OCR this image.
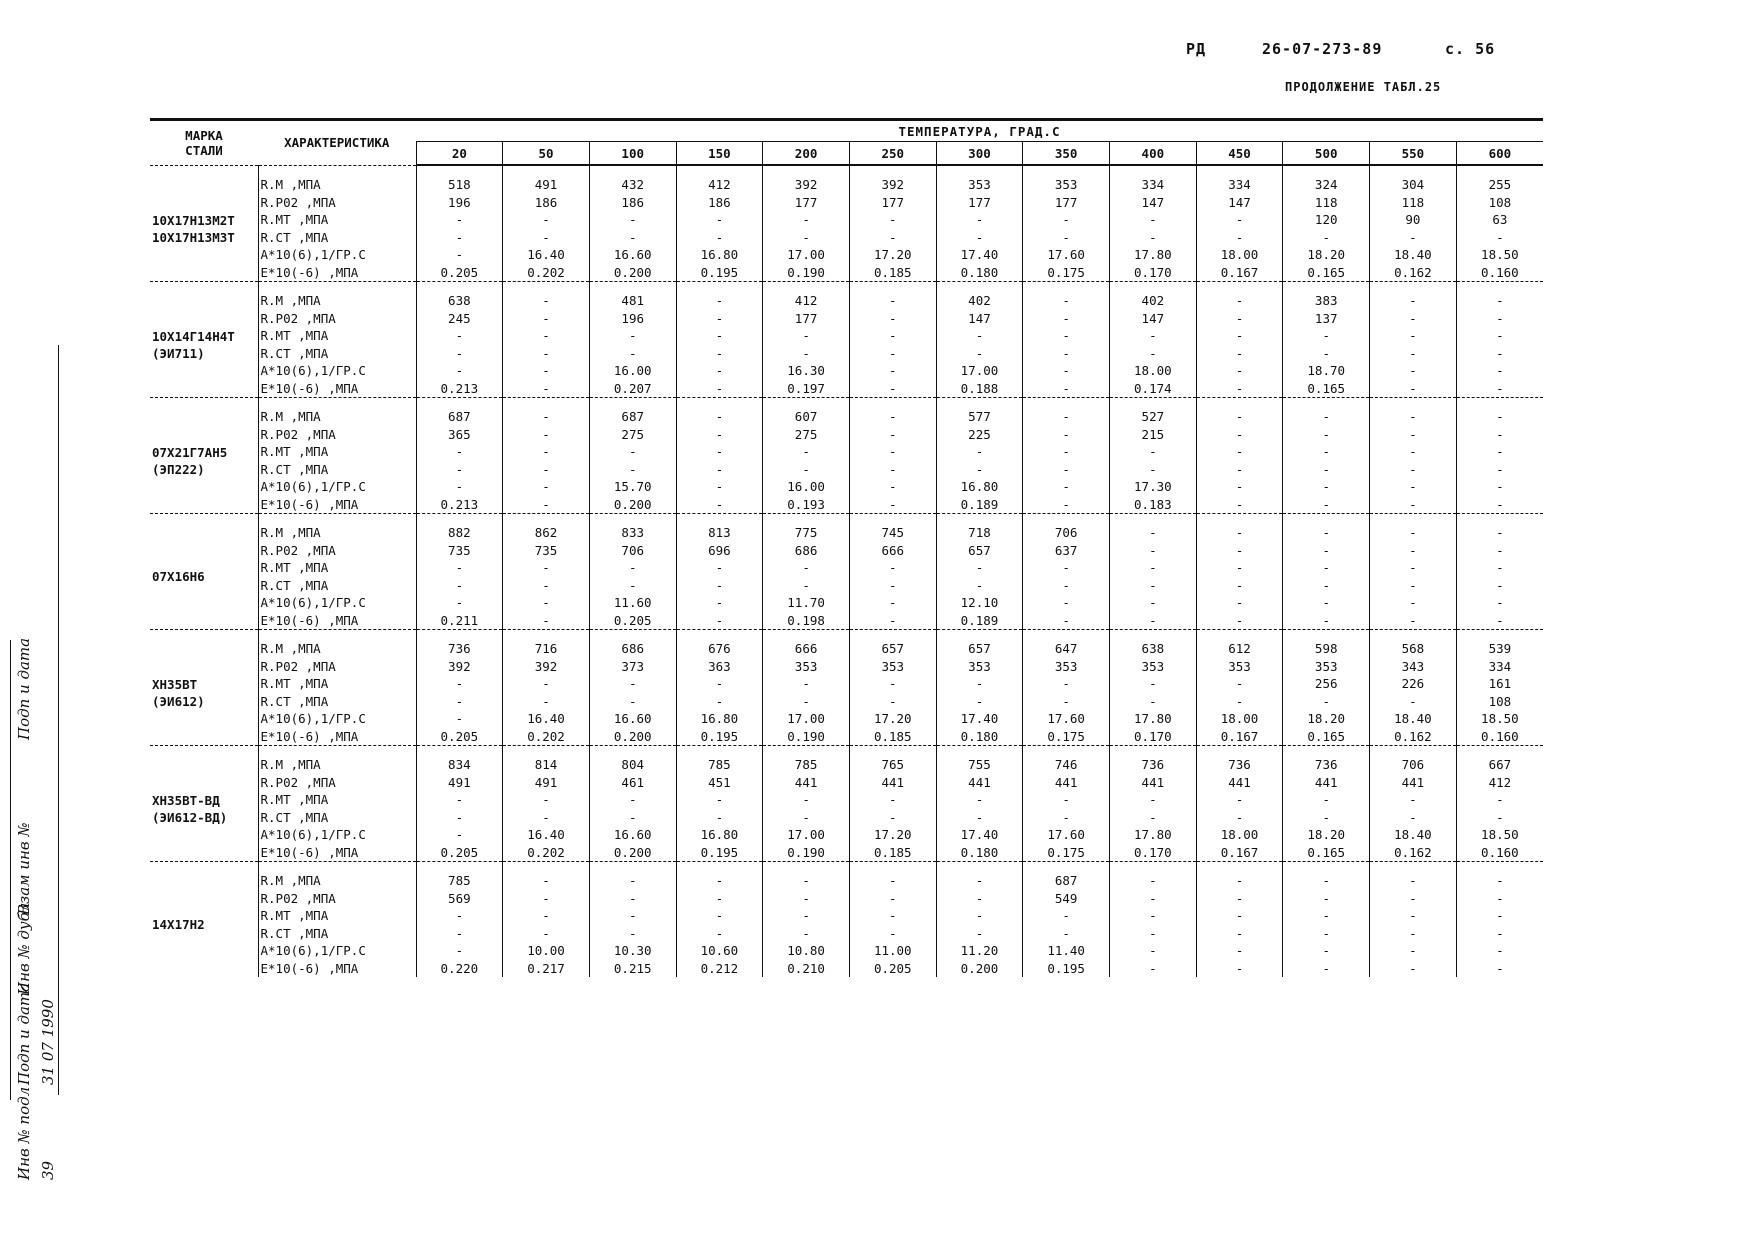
РД	26-07-273-89	с. 56
ПРОДОЛЖЕНИЕ ТАБЛ.25
МАРКА
СТАЛИ	ХАРАКТЕРИСТИКА	ТЕМПЕРАТУРА, ГРАД.С												
		20	50	100	150	200	250	300	350	400	450	500	550	600

10Х17Н13М2Т
10Х17Н13М3Т	R.М ,МПА	518	491	432	412	392	392	353	353	334	334	324	304	255
	R.Р02 ,МПА	196	186	186	186	177	177	177	177	147	147	118	118	108
	R.МТ ,МПА	-	-	-	-	-	-	-	-	-	-	120	90	63
	R.СТ ,МПА	-	-	-	-	-	-	-	-	-	-	-	-	-
	А*10(6),1/ГР.С	-	16.40	16.60	16.80	17.00	17.20	17.40	17.60	17.80	18.00	18.20	18.40	18.50
	Е*10(-6) ,МПА	0.205	0.202	0.200	0.195	0.190	0.185	0.180	0.175	0.170	0.167	0.165	0.162	0.160

10Х14Г14Н4Т
(ЭИ711)	R.М ,МПА	638	-	481	-	412	-	402	-	402	-	383	-	-
	R.Р02 ,МПА	245	-	196	-	177	-	147	-	147	-	137	-	-
	R.МТ ,МПА	-	-	-	-	-	-	-	-	-	-	-	-	-
	R.СТ ,МПА	-	-	-	-	-	-	-	-	-	-	-	-	-
	А*10(6),1/ГР.С	-	-	16.00	-	16.30	-	17.00	-	18.00	-	18.70	-	-
	Е*10(-6) ,МПА	0.213	-	0.207	-	0.197	-	0.188	-	0.174	-	0.165	-	-

07Х21Г7АН5
(ЭП222)	R.М ,МПА	687	-	687	-	607	-	577	-	527	-	-	-	-
	R.Р02 ,МПА	365	-	275	-	275	-	225	-	215	-	-	-	-
	R.МТ ,МПА	-	-	-	-	-	-	-	-	-	-	-	-	-
	R.СТ ,МПА	-	-	-	-	-	-	-	-	-	-	-	-	-
	А*10(6),1/ГР.С	-	-	15.70	-	16.00	-	16.80	-	17.30	-	-	-	-
	Е*10(-6) ,МПА	0.213	-	0.200	-	0.193	-	0.189	-	0.183	-	-	-	-

07Х16Н6	R.М ,МПА	882	862	833	813	775	745	718	706	-	-	-	-	-
	R.Р02 ,МПА	735	735	706	696	686	666	657	637	-	-	-	-	-
	R.МТ ,МПА	-	-	-	-	-	-	-	-	-	-	-	-	-
	R.СТ ,МПА	-	-	-	-	-	-	-	-	-	-	-	-	-
	А*10(6),1/ГР.С	-	-	11.60	-	11.70	-	12.10	-	-	-	-	-	-
	Е*10(-6) ,МПА	0.211	-	0.205	-	0.198	-	0.189	-	-	-	-	-	-

ХН35ВТ
(ЭИ612)	R.М ,МПА	736	716	686	676	666	657	657	647	638	612	598	568	539
	R.Р02 ,МПА	392	392	373	363	353	353	353	353	353	353	353	343	334
	R.МТ ,МПА	-	-	-	-	-	-	-	-	-	-	256	226	161
	R.СТ ,МПА	-	-	-	-	-	-	-	-	-	-	-	-	108
	А*10(6),1/ГР.С	-	16.40	16.60	16.80	17.00	17.20	17.40	17.60	17.80	18.00	18.20	18.40	18.50
	Е*10(-6) ,МПА	0.205	0.202	0.200	0.195	0.190	0.185	0.180	0.175	0.170	0.167	0.165	0.162	0.160

ХН35ВТ-ВД
(ЭИ612-ВД)	R.М ,МПА	834	814	804	785	785	765	755	746	736	736	736	706	667
	R.Р02 ,МПА	491	491	461	451	441	441	441	441	441	441	441	441	412
	R.МТ ,МПА	-	-	-	-	-	-	-	-	-	-	-	-	-
	R.СТ ,МПА	-	-	-	-	-	-	-	-	-	-	-	-	-
	А*10(6),1/ГР.С	-	16.40	16.60	16.80	17.00	17.20	17.40	17.60	17.80	18.00	18.20	18.40	18.50
	Е*10(-6) ,МПА	0.205	0.202	0.200	0.195	0.190	0.185	0.180	0.175	0.170	0.167	0.165	0.162	0.160

14Х17Н2	R.М ,МПА	785	-	-	-	-	-	-	687	-	-	-	-	-
	R.Р02 ,МПА	569	-	-	-	-	-	-	549	-	-	-	-	-
	R.МТ ,МПА	-	-	-	-	-	-	-	-	-	-	-	-	-
	R.СТ ,МПА	-	-	-	-	-	-	-	-	-	-	-	-	-
	А*10(6),1/ГР.С	-	10.00	10.30	10.60	10.80	11.00	11.20	11.40	-	-	-	-	-
	Е*10(-6) ,МПА	0.220	0.217	0.215	0.212	0.210	0.205	0.200	0.195	-	-	-	-	-
Подп и дата
Взам инв №
Инв № дубл
Подп и дата 31 07 1990
Инв № подл 39
